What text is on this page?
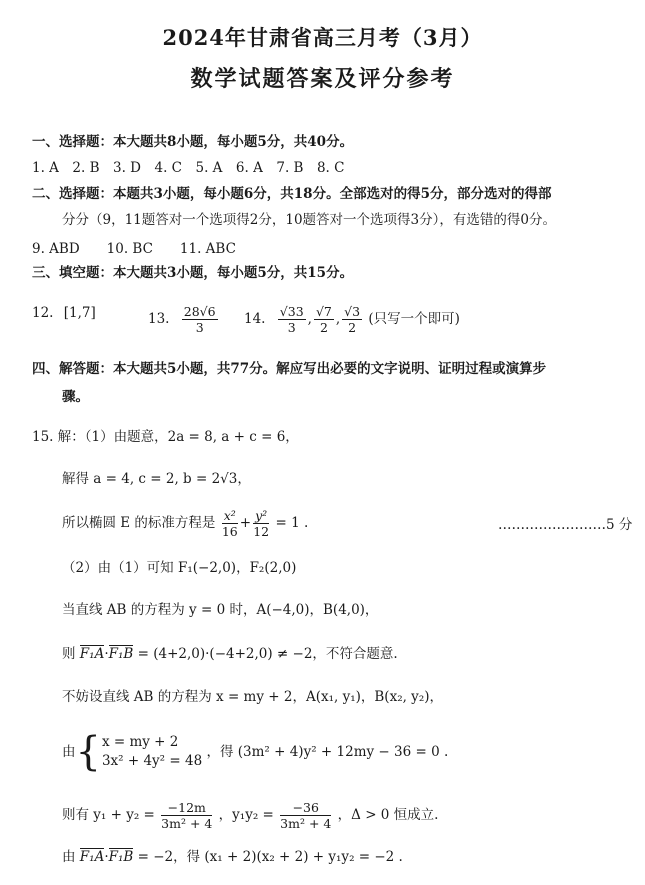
2024年甘肃省高三月考（3月）
数学试题答案及评分参考
一、选择题：本大题共8小题，每小题5分，共40分。
1. A　2. B　3. D　4. C　5. A　6. A　7. B　8. C
二、选择题：本题共3小题，每小题6分，共18分。全部选对的得5分，部分选对的得部
分分（9，11题答对一个选项得2分，10题答对一个选项得3分），有选错的得0分。
9. ABD　　10. BC　　11. ABC
三、填空题：本大题共3小题，每小题5分，共15分。
12. [1,7]	13. $\frac{28√6}{3} 14$. $\frac{√33}{3}$ , $\frac{√7}{2}$ , $\frac{√3}{2}$ (只写一个即可)
四、解答题：本大题共5小题，共77分。解应写出必要的文字说明、证明过程或演算步
骤。
15. 解：（1）由题意，2a = 8, a + c = 6，
解得 a = 4, c = 2, b = 2√3，
所以椭圆 E 的标准方程是 $\frac{\text{x²}}{16} + \frac{\text{y²}}{12} = 1$ .	……………………5 分
（2）由（1）可知 F₁(−2,0)，F₂(2,0)
当直线 AB 的方程为 y = 0 时，A(−4,0)，B(4,0)，
则 F₁A·F₁B = (4+2,0)·(−4+2,0) ≠ −2，不符合题意.
不妨设直线 AB 的方程为 x = my + 2，A(x₁, y₁)，B(x₂, y₂)，
由{ x = my + 2
3x² + 4y² = 48
，得 (3m² + 4)y² + 12my − 36 = 0 .
则有 $y_1 + y_2 = \frac{-12m}{\text{3m² + 4}}$ ，$y_1y_2 = \frac{-36}{\text{3m² + 4}}$ ，Δ > 0 恒成立.
由 F₁A·F₁B = −2，得 (x₁ + 2)(x₂ + 2) + y₁y₂ = −2 .
